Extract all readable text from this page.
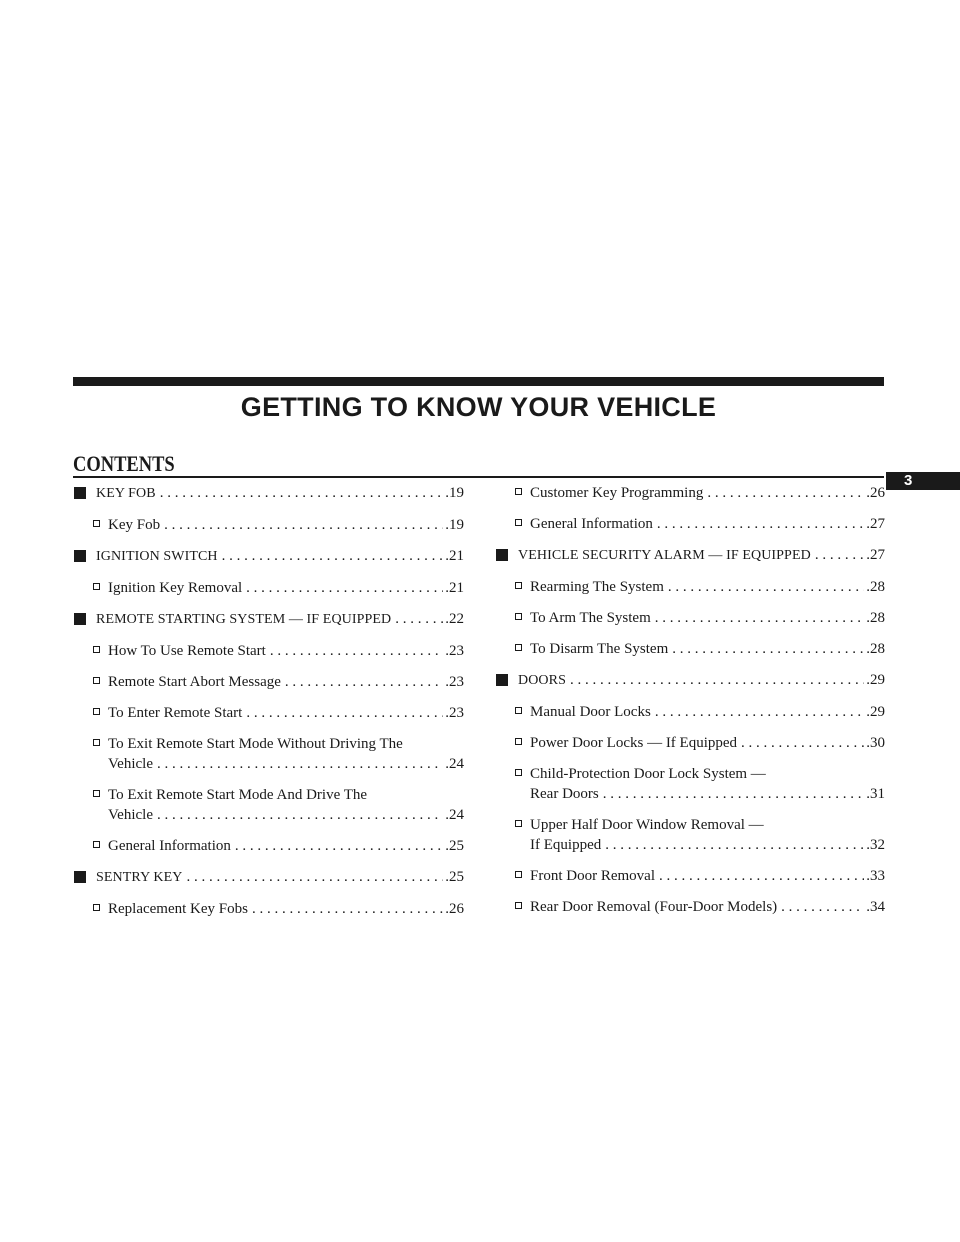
GETTING TO KNOW YOUR VEHICLE
CONTENTS
3
KEY FOB . . .	.19
Key Fob . . .	.19
IGNITION SWITCH . . .	.21
Ignition Key Removal . . .	.21
REMOTE STARTING SYSTEM — IF EQUIPPED . . .	.22
How To Use Remote Start . . .	.23
Remote Start Abort Message . . .	.23
To Enter Remote Start . . .	.23
To Exit Remote Start Mode Without Driving The
Vehicle . . .	.24
To Exit Remote Start Mode And Drive The
Vehicle . . .	.24
General Information . . .	.25
SENTRY KEY . . .	.25
Replacement Key Fobs . . .	.26
Customer Key Programming . . .	.26
General Information . . .	.27
VEHICLE SECURITY ALARM — IF EQUIPPED . . .	.27
Rearming The System . . .	.28
To Arm The System . . .	.28
To Disarm The System . . .	.28
DOORS . . .	.29
Manual Door Locks . . .	.29
Power Door Locks — If Equipped . . .	.30
Child-Protection Door Lock System —
Rear Doors . . .	.31
Upper Half Door Window Removal —
If Equipped . . .	.32
Front Door Removal . . .	.33
Rear Door Removal (Four-Door Models) . . .	.34
